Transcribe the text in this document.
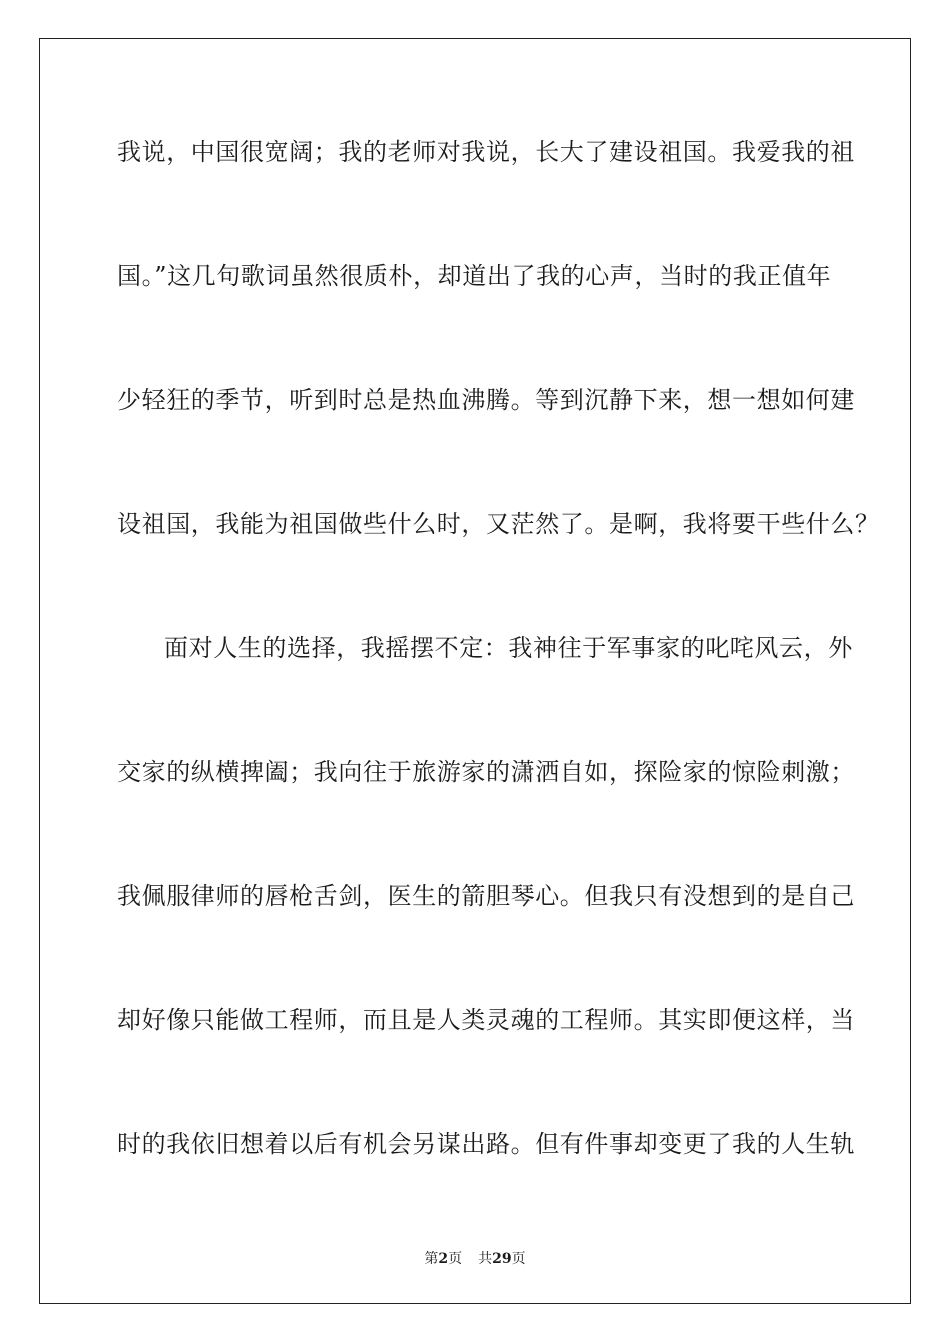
我说，中国很宽阔；我的老师对我说，长大了建设祖国。我爱我的祖
国。”这几句歌词虽然很质朴，却道出了我的心声，当时的我正值年
少轻狂的季节，听到时总是热血沸腾。等到沉静下来，想一想如何建
设祖国，我能为祖国做些什么时，又茫然了。是啊，我将要干些什么？
面对人生的选择，我摇摆不定：我神往于军事家的叱咤风云，外
交家的纵横捭阖；我向往于旅游家的潇洒自如，探险家的惊险刺激；
我佩服律师的唇枪舌剑，医生的箭胆琴心。但我只有没想到的是自己
却好像只能做工程师，而且是人类灵魂的工程师。其实即便这样，当
时的我依旧想着以后有机会另谋出路。但有件事却变更了我的人生轨
第2页 共29页
